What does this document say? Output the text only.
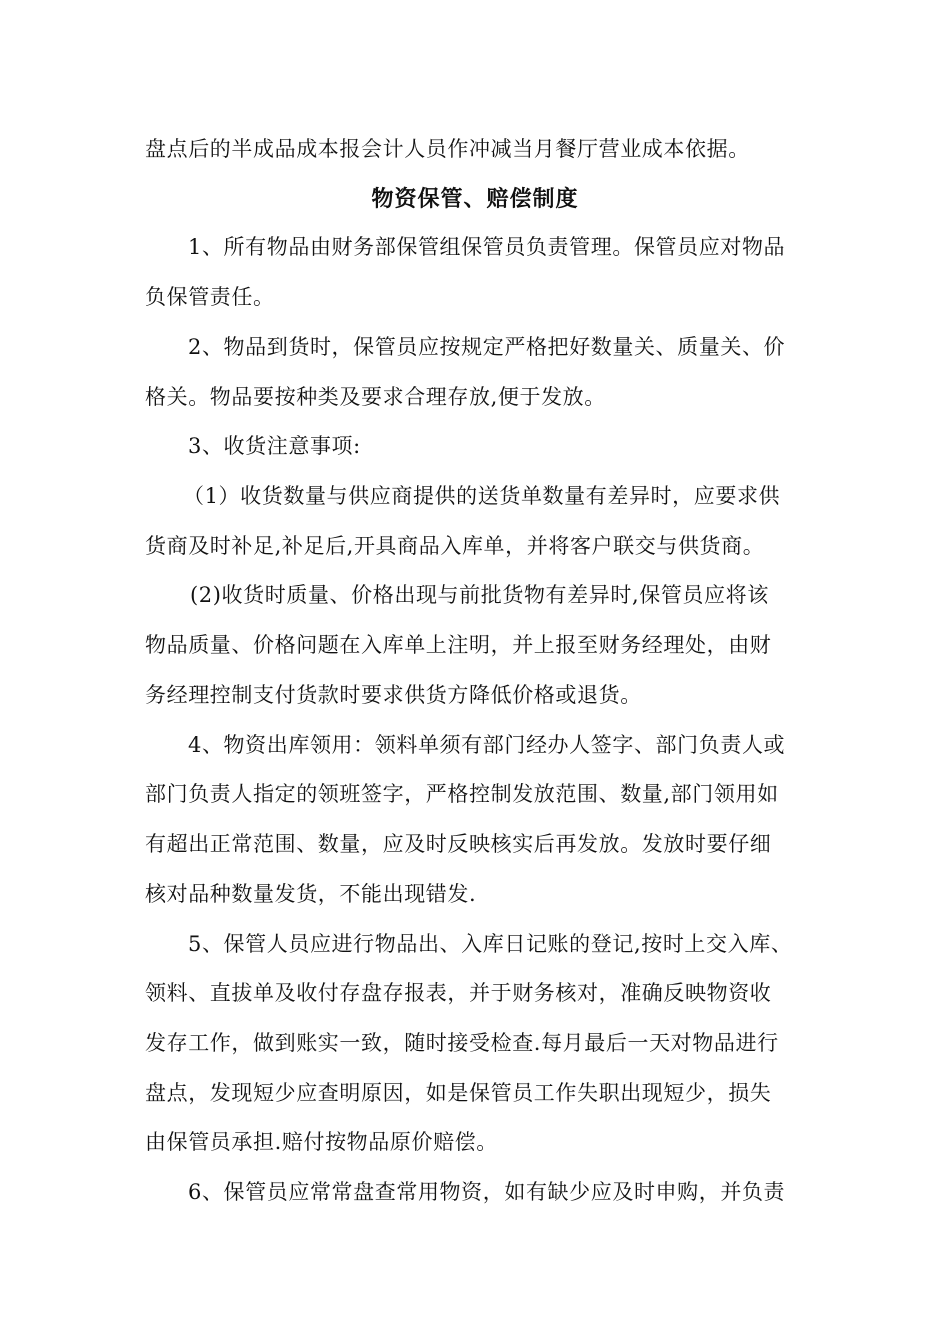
盘点后的半成品成本报会计人员作冲减当月餐厅营业成本依据。
物资保管、赔偿制度
1、所有物品由财务部保管组保管员负责管理。保管员应对物品
负保管责任。
2、物品到货时，保管员应按规定严格把好数量关、质量关、价
格关。物品要按种类及要求合理存放,便于发放。
3、收货注意事项:
（1）收货数量与供应商提供的送货单数量有差异时，应要求供
货商及时补足,补足后,开具商品入库单，并将客户联交与供货商。
(2)收货时质量、价格出现与前批货物有差异时,保管员应将该
物品质量、价格问题在入库单上注明，并上报至财务经理处，由财
务经理控制支付货款时要求供货方降低价格或退货。
4、物资出库领用：领料单须有部门经办人签字、部门负责人或
部门负责人指定的领班签字，严格控制发放范围、数量,部门领用如
有超出正常范围、数量，应及时反映核实后再发放。发放时要仔细
核对品种数量发货，不能出现错发.
5、保管人员应进行物品出、入库日记账的登记,按时上交入库、
领料、直拔单及收付存盘存报表，并于财务核对，准确反映物资收
发存工作，做到账实一致，随时接受检查.每月最后一天对物品进行
盘点，发现短少应查明原因，如是保管员工作失职出现短少，损失
由保管员承担.赔付按物品原价赔偿。
6、保管员应常常盘查常用物资，如有缺少应及时申购，并负责
